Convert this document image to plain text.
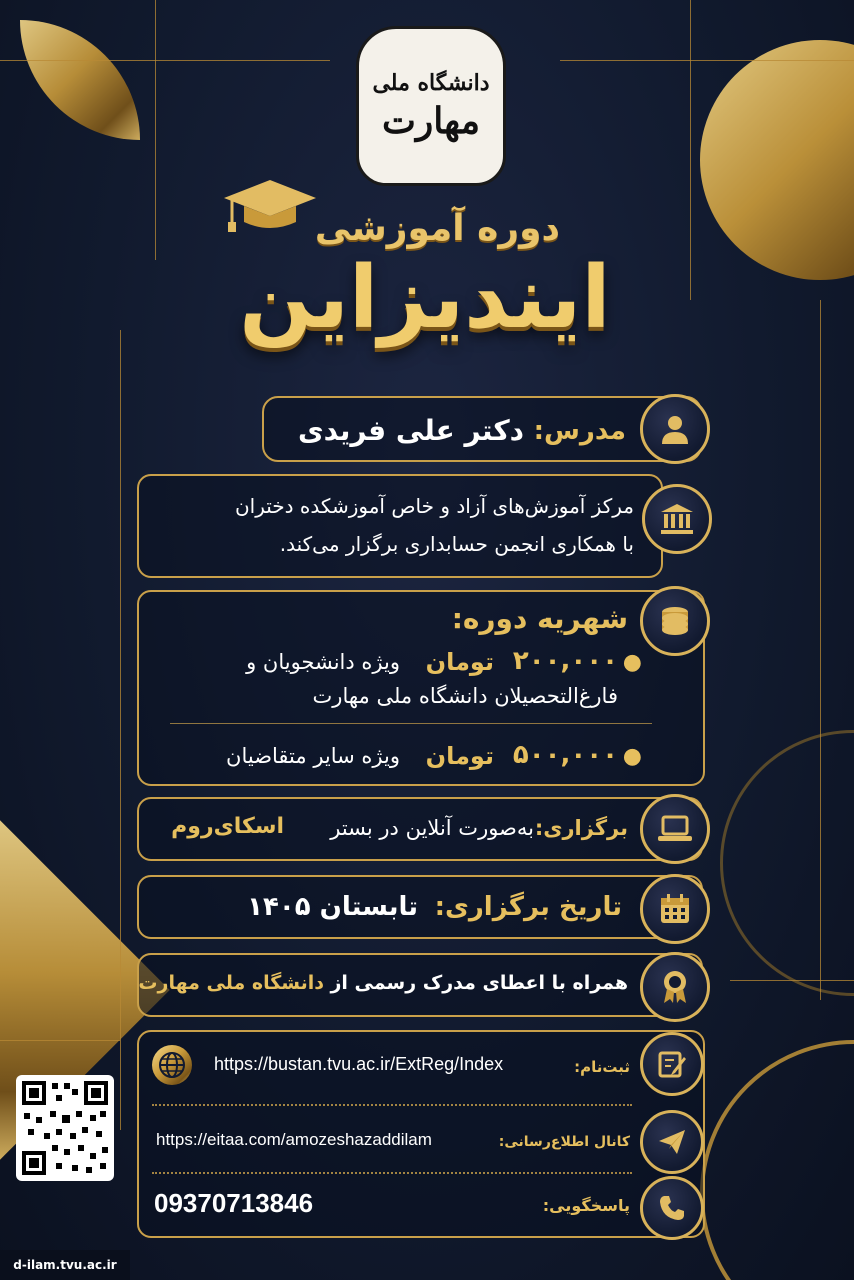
دانشگاه ملی
مهارت
دوره آموزشی
ایندیزاین
مدرس:
دکتر علی فریدی
مرکز آموزش‌های آزاد و خاص آموزشکده دختران
با همکاری انجمن حسابداری برگزار می‌کند.
شهریه دوره:
●
۲۰۰,۰۰۰
تومان
ویژه دانشجویان و
فارغ‌التحصیلان دانشگاه ملی مهارت
●
۵۰۰,۰۰۰
تومان
ویژه سایر متقاضیان
برگزاری:
به‌صورت آنلاین در بستر
اسکای‌روم
تاریخ برگزاری:
تابستان ۱۴۰۵
همراه با اعطای مدرک رسمی از
دانشگاه ملی مهارت
ثبت‌نام:
https://bustan.tvu.ac.ir/ExtReg/Index
کانال اطلاع‌رسانی:
https://eitaa.com/amozeshazaddilam
پاسخگویی:
09370713846
d-ilam.tvu.ac.ir
